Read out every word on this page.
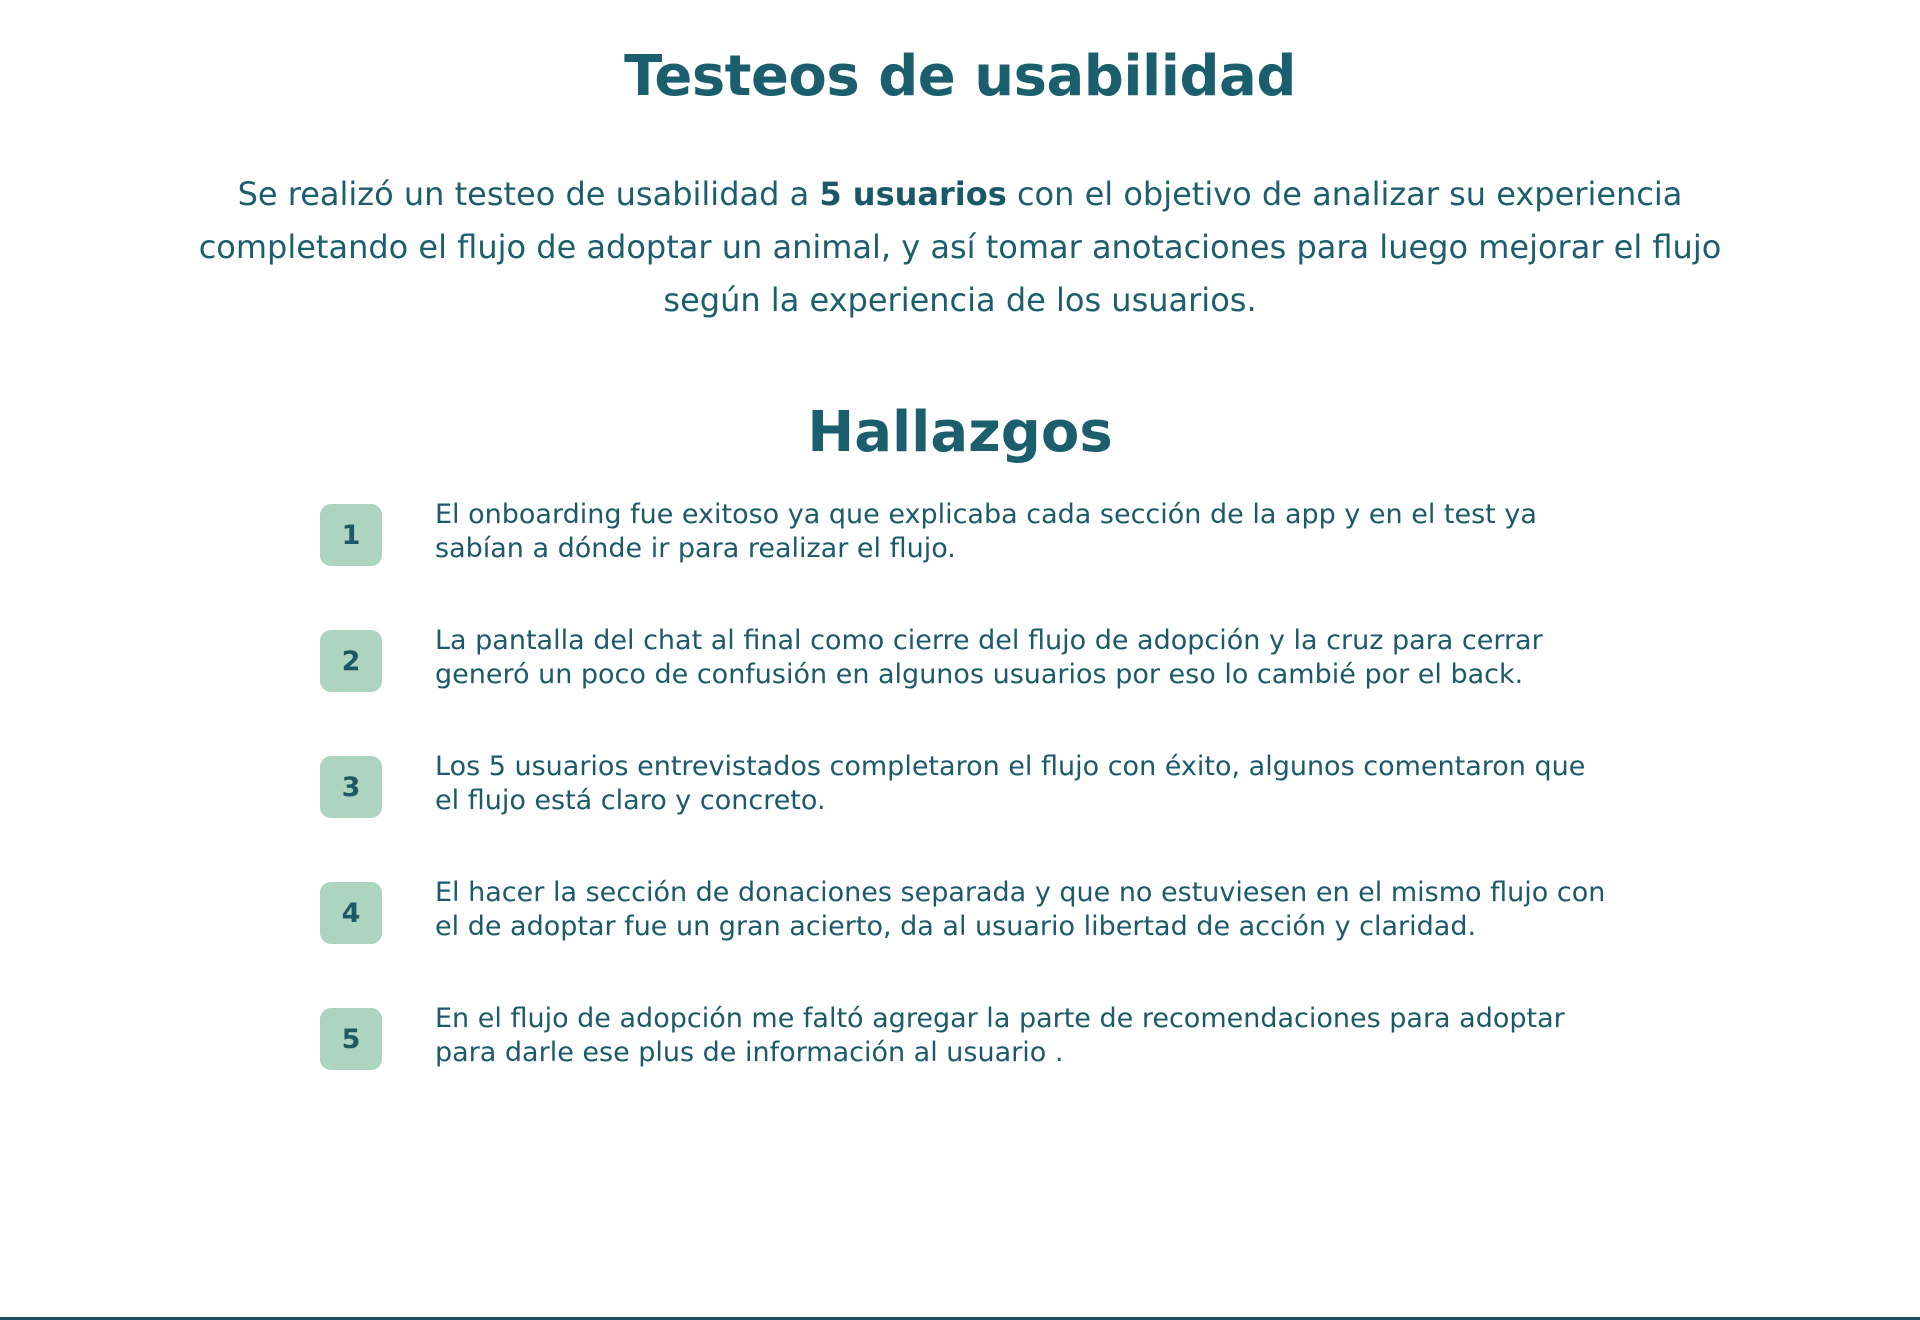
Testeos de usabilidad

Se realizó un testeo de usabilidad a 5 usuarios con el objetivo de analizar su experiencia completando el flujo de adoptar un animal, y así tomar anotaciones para luego mejorar el flujo según la experiencia de los usuarios.

Hallazgos
1

El onboarding fue exitoso ya que explicaba cada sección de la app y en el test ya sabían a dónde ir para realizar el flujo.

2

La pantalla del chat al final como cierre del flujo de adopción y la cruz para cerrar generó un poco de confusión en algunos usuarios por eso lo cambié por el back.

3

Los 5 usuarios entrevistados completaron el flujo con éxito, algunos comentaron que el flujo está claro y concreto.

4

El hacer la sección de donaciones separada y que no estuviesen en el mismo flujo con el de adoptar fue un gran acierto, da al usuario libertad de acción y claridad.

5

En el flujo de adopción me faltó agregar la parte de recomendaciones para adoptar para darle ese plus de información al usuario .
